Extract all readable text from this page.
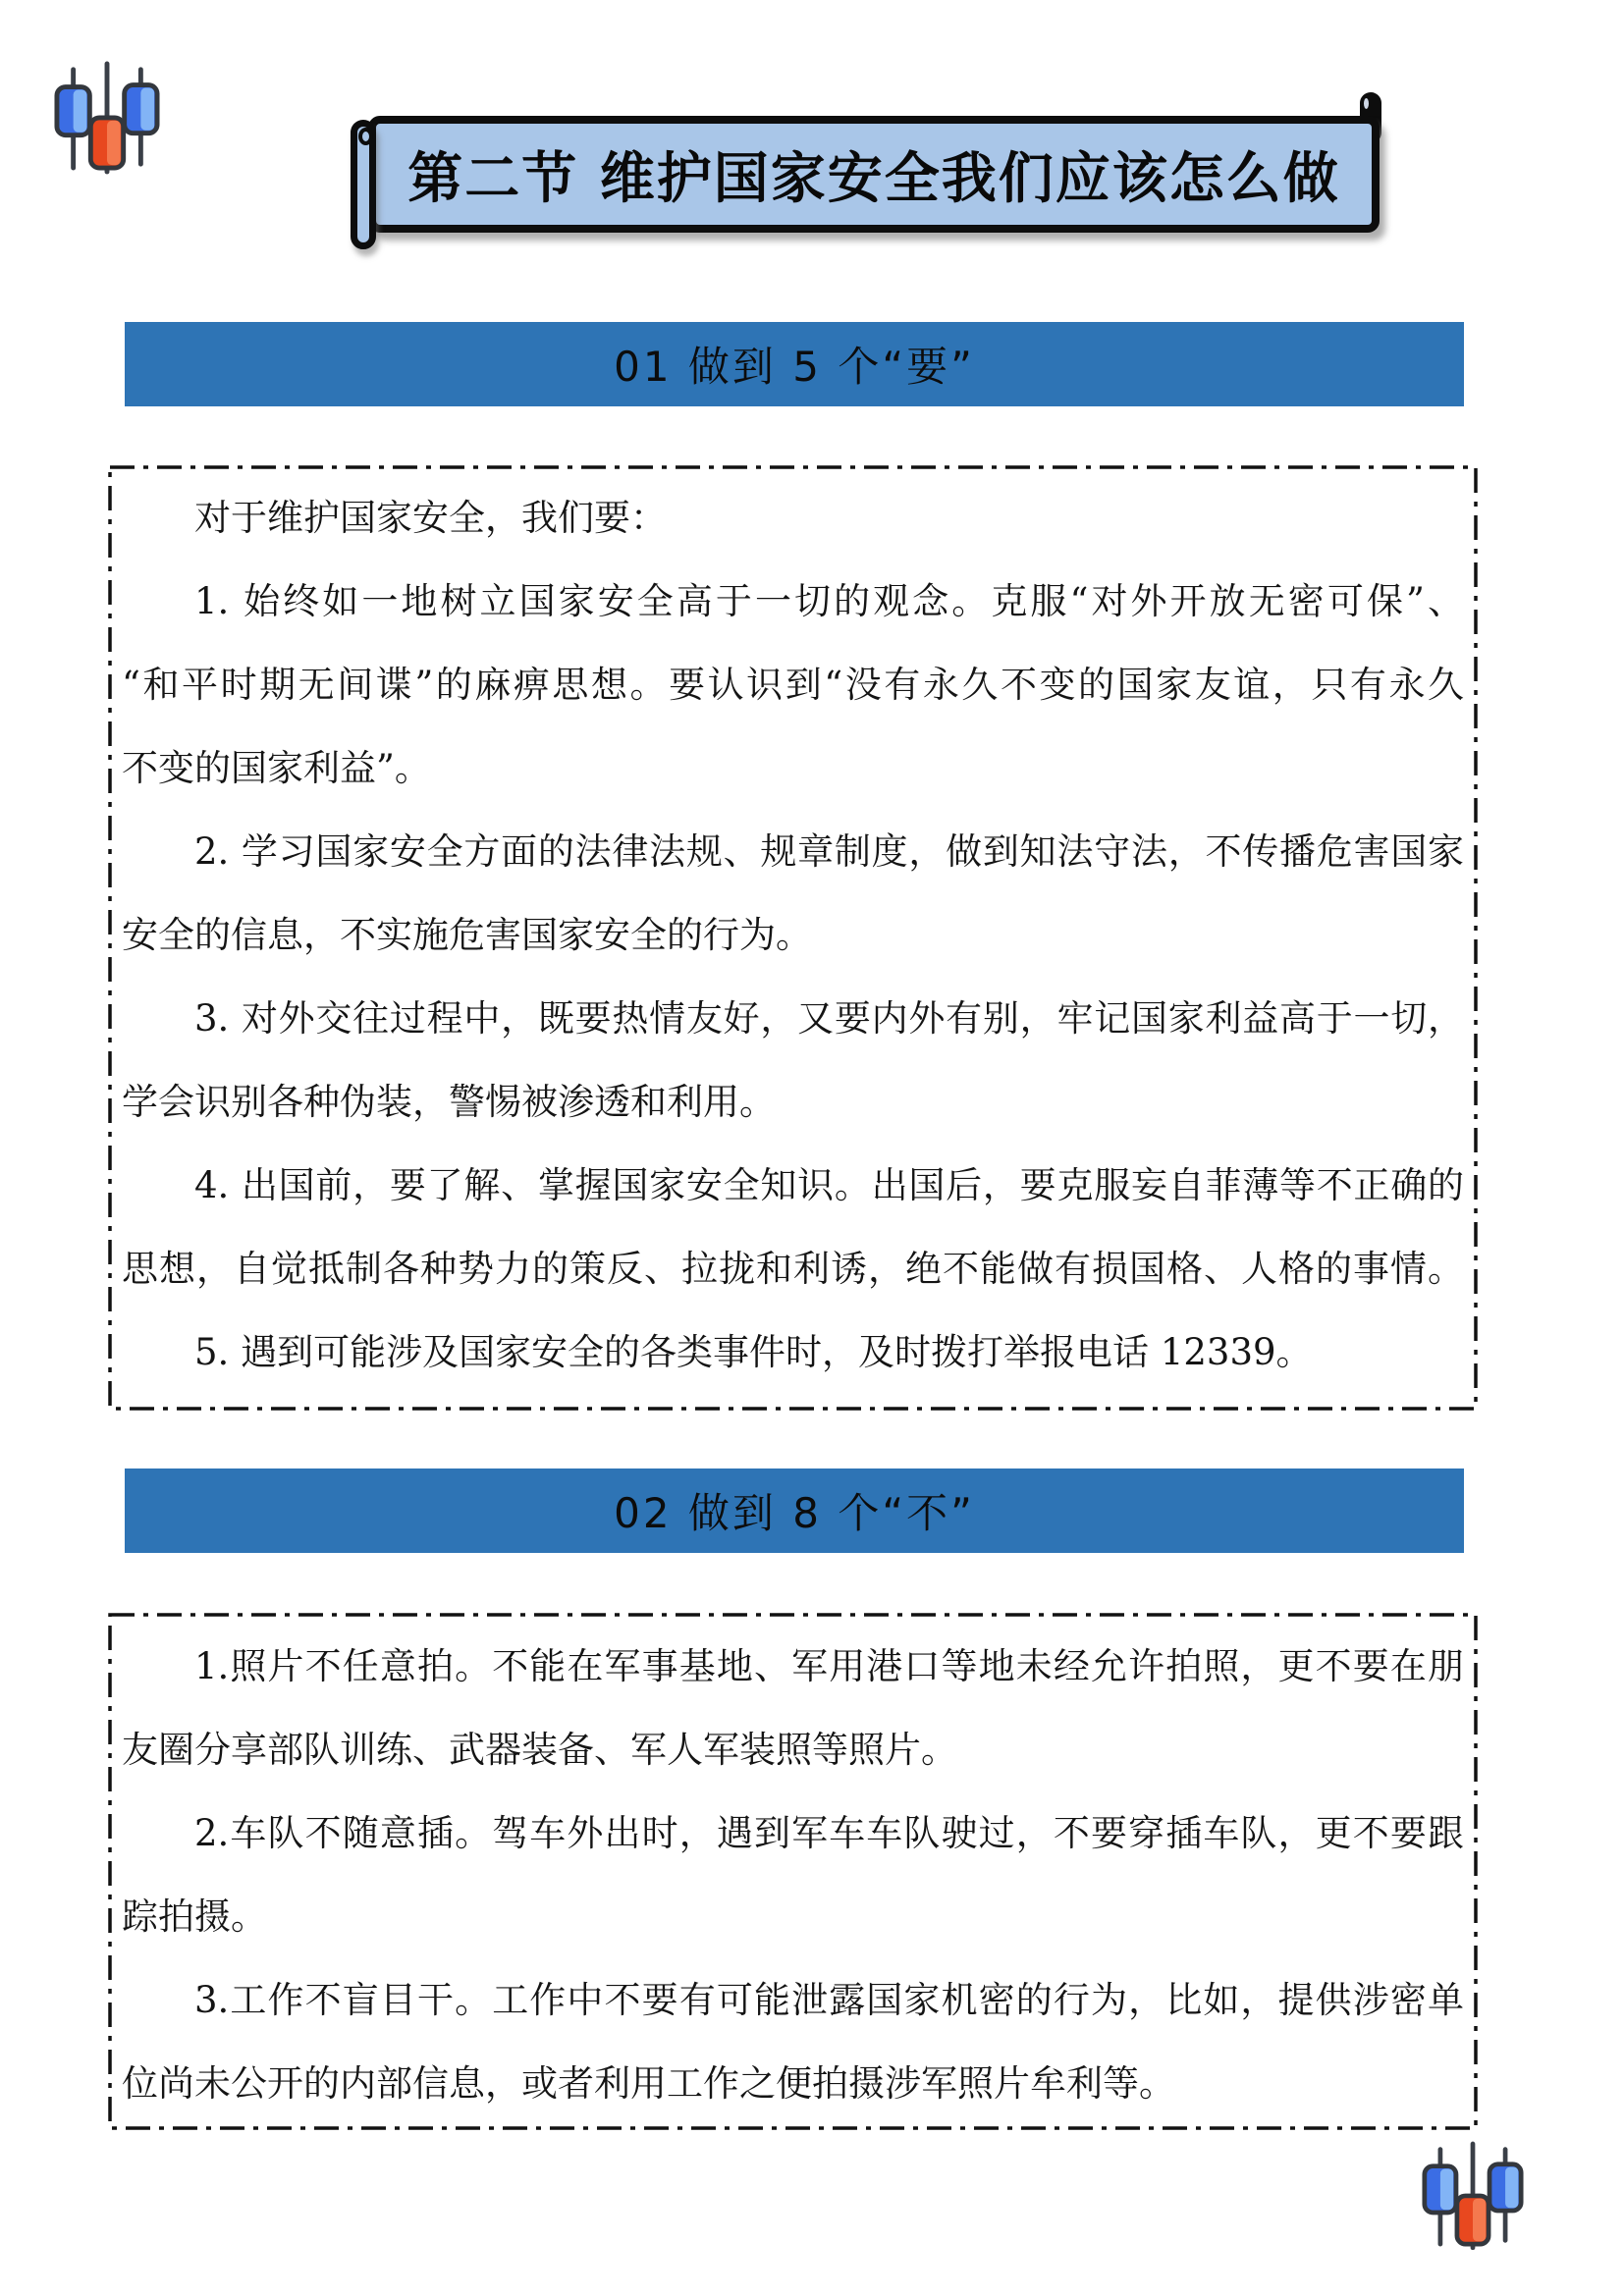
第二节 维护国家安全我们应该怎么做
01 做到 5 个“要”
对于维护国家安全，我们要：
1. 始终如一地树立国家安全高于一切的观念。克服“对外开放无密可保”、
“和平时期无间谍”的麻痹思想。要认识到“没有永久不变的国家友谊，只有永久
不变的国家利益”。
2. 学习国家安全方面的法律法规、规章制度，做到知法守法，不传播危害国家
安全的信息，不实施危害国家安全的行为。
3. 对外交往过程中，既要热情友好，又要内外有别，牢记国家利益高于一切，
学会识别各种伪装，警惕被渗透和利用。
4. 出国前，要了解、掌握国家安全知识。出国后，要克服妄自菲薄等不正确的
思想，自觉抵制各种势力的策反、拉拢和利诱，绝不能做有损国格、人格的事情。
5. 遇到可能涉及国家安全的各类事件时，及时拨打举报电话 12339。
02 做到 8 个“不”
1.照片不任意拍。不能在军事基地、军用港口等地未经允许拍照，更不要在朋
友圈分享部队训练、武器装备、军人军装照等照片。
2.车队不随意插。驾车外出时，遇到军车车队驶过，不要穿插车队，更不要跟
踪拍摄。
3.工作不盲目干。工作中不要有可能泄露国家机密的行为，比如，提供涉密单
位尚未公开的内部信息，或者利用工作之便拍摄涉军照片牟利等。
